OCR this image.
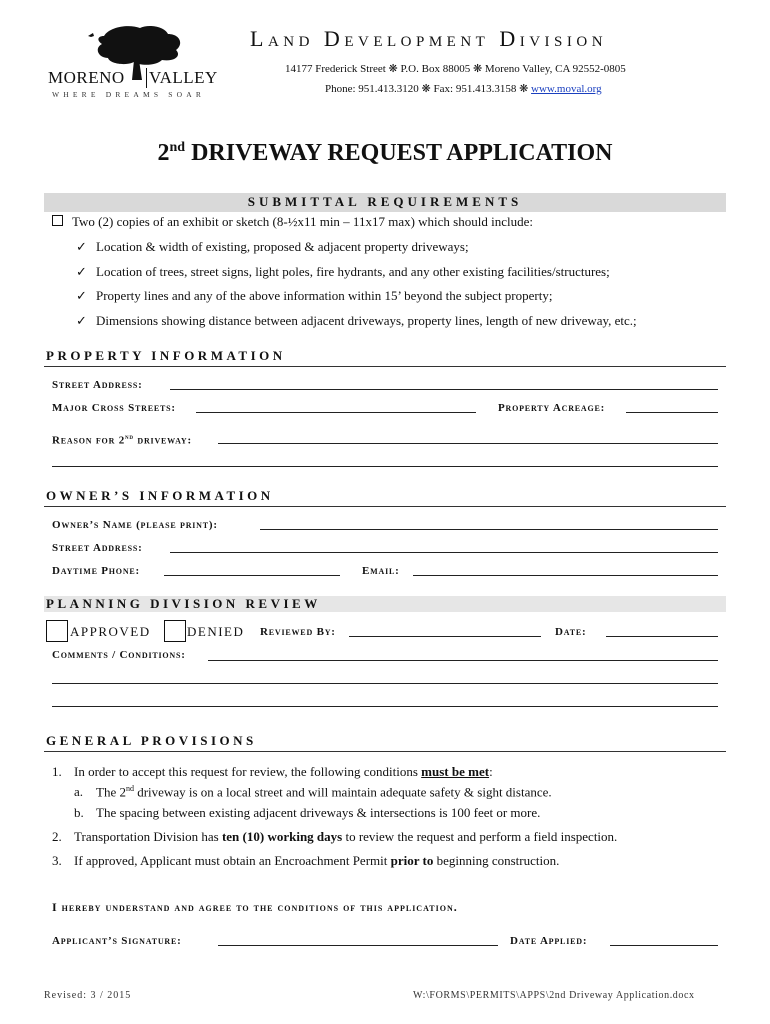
MORENO VALLEY
WHERE DREAMS SOAR
Land Development Division
14177 Frederick Street ❋ P.O. Box 88005 ❋ Moreno Valley, CA 92552-0805
Phone: 951.413.3120 ❋ Fax: 951.413.3158 ❋ www.moval.org
2nd DRIVEWAY REQUEST APPLICATION
SUBMITTAL REQUIREMENTS
Two (2) copies of an exhibit or sketch (8-½x11 min – 11x17 max) which should include:
✓ Location & width of existing, proposed & adjacent property driveways;
✓ Location of trees, street signs, light poles, fire hydrants, and any other existing facilities/structures;
✓ Property lines and any of the above information within 15’ beyond the subject property;
✓ Dimensions showing distance between adjacent driveways, property lines, length of new driveway, etc.;
PROPERTY INFORMATION
Street Address:
Major Cross Streets:	Property Acreage:
Reason for 2nd driveway:
OWNER’S INFORMATION
Owner’s Name (please print):
Street Address:
Daytime Phone:	Email:
PLANNING DIVISION REVIEW
APPROVED	DENIED Reviewed By:	Date:
Comments / Conditions:
GENERAL PROVISIONS
1. In order to accept this request for review, the following conditions must be met:
a. The 2nd driveway is on a local street and will maintain adequate safety & sight distance.
b. The spacing between existing adjacent driveways & intersections is 100 feet or more.
2. Transportation Division has ten (10) working days to review the request and perform a field inspection.
3. If approved, Applicant must obtain an Encroachment Permit prior to beginning construction.
I hereby understand and agree to the conditions of this application.
Applicant’s Signature:	Date Applied:
Revised: 3 / 2015	W:\FORMS\PERMITS\APPS\2nd Driveway Application.docx
